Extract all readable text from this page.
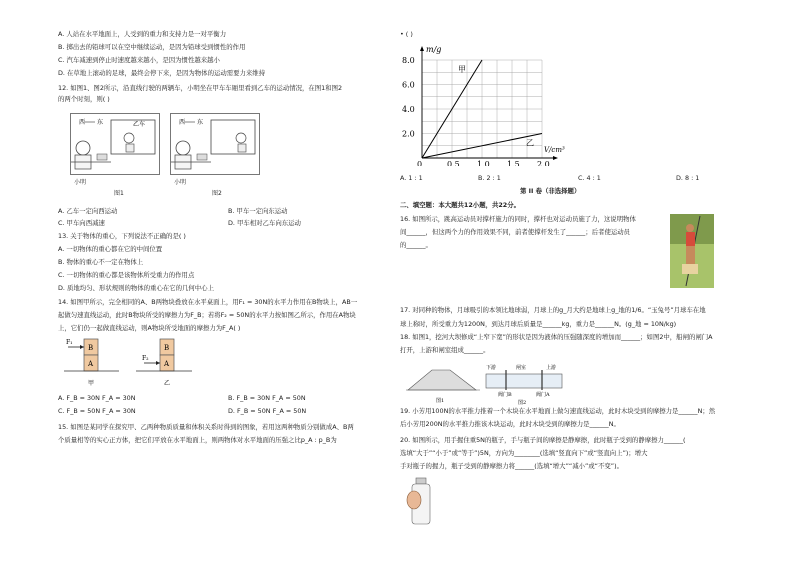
A. 人站在水平地面上，人受到的重力和支持力是一对平衡力
B. 掷出去的铅球可以在空中继续运动，是因为铅球受到惯性的作用
C. 汽车减速到停止时速度越来越小，是因为惯性越来越小
D. 在草地上滚动的足球，最终会停下来，是因为物体的运动需要力来维持
12. 如图1、图2所示，沿直线行驶的两辆车，小明坐在甲车车厢里看到乙车的运动情况，在图1和图2
的两个时刻，则( )
A. 乙车一定向西运动
C. 甲车向西减速
13. 关于物体的重心，下列说法不正确的是( )
A. 一切物体的重心都在它的中间位置
B. 物体的重心不一定在物体上
C. 一切物体的重心都是该物体所受重力的作用点
D. 质地均匀、形状规则的物体的重心在它的几何中心上
14. 如图甲所示，完全相同的A、B两物块叠放在水平桌面上，用F₁ = 30N的水平力作用在B物块上，AB一
起做匀速直线运动，此时B物块所受的摩擦力为F_B；若将F₂ = 50N的水平力按如图乙所示，作用在A物块
上，它们仍一起做直线运动，则A物块所受地面的摩擦力为F_A( )
A. F_B = 30N F_A = 30N
C. F_B = 50N F_A = 30N
15. 如图是某同学在探究甲、乙两种物质质量和体积关系时得到的图象，若用这两种物质分别做成A、B两
个质量相等的实心正方体，把它们平放在水平地面上，则两物体对水平地面的压强之比p_A : p_B为
B. 甲车一定向东运动
D. 甲车相对乙车向东运动
B. F_B = 30N F_A = 50N
D. F_B = 50N F_A = 50N
西 东	乙车
小明
图1
西 东
小明
图2
B
A
F₁
甲
B
A
F₂
乙
• ( )
A. 1 : 1	B. 2 : 1	C. 4 : 1	D. 8 : 1
第 II 卷（非选择题）
二、填空题：本大题共12小题，共22分。
16. 如图所示，跳高运动员对撑杆施力的同时，撑杆也对运动员施了力，这说明物体
间______，但这两个力的作用效果不同，前者使撑杆发生了______；后者使运动员
的______。
17. 对同种的物体，月球吸引的本领比地球弱，月球上的g_月大约是地球上g_地的1/6。“玉兔号”月球车在地
球上称时，所受重力为1200N，到达月球后质量是______kg，重力是______N。(g_地 = 10N/kg)
18. 如图1，挖河大坝修成“上窄下宽”的形状是因为液体的压强随深度的增加而______；如图2中，船闸的闸门A
打开，上游和闸室组成______。
19. 小芳用100N的水平推力推着一个木块在水平地面上做匀速直线运动，此时木块受到的摩擦力是______N；然
后小芳用200N的水平推力推该木块运动，此时木块受到的摩擦力是______N。
20. 如图所示，用手握住重5N的瓶子，手与瓶子间的摩擦是静摩擦，此时瓶子受到的静摩擦力______(
选填“大于”“小于”或“等于”)5N，方向为________(选填“竖直向下”或“竖直向上”)；增大
手对瓶子的握力，瓶子受到的静摩擦力将______(选填“增大”“减小”或“不变”)。
0	0.5 1.0 1.5 2.0
2.0
4.0
6.0
8.0
m/g
V/cm³
甲
乙
图1
下游	闸室	上游
阀门B	阀门A
图2
